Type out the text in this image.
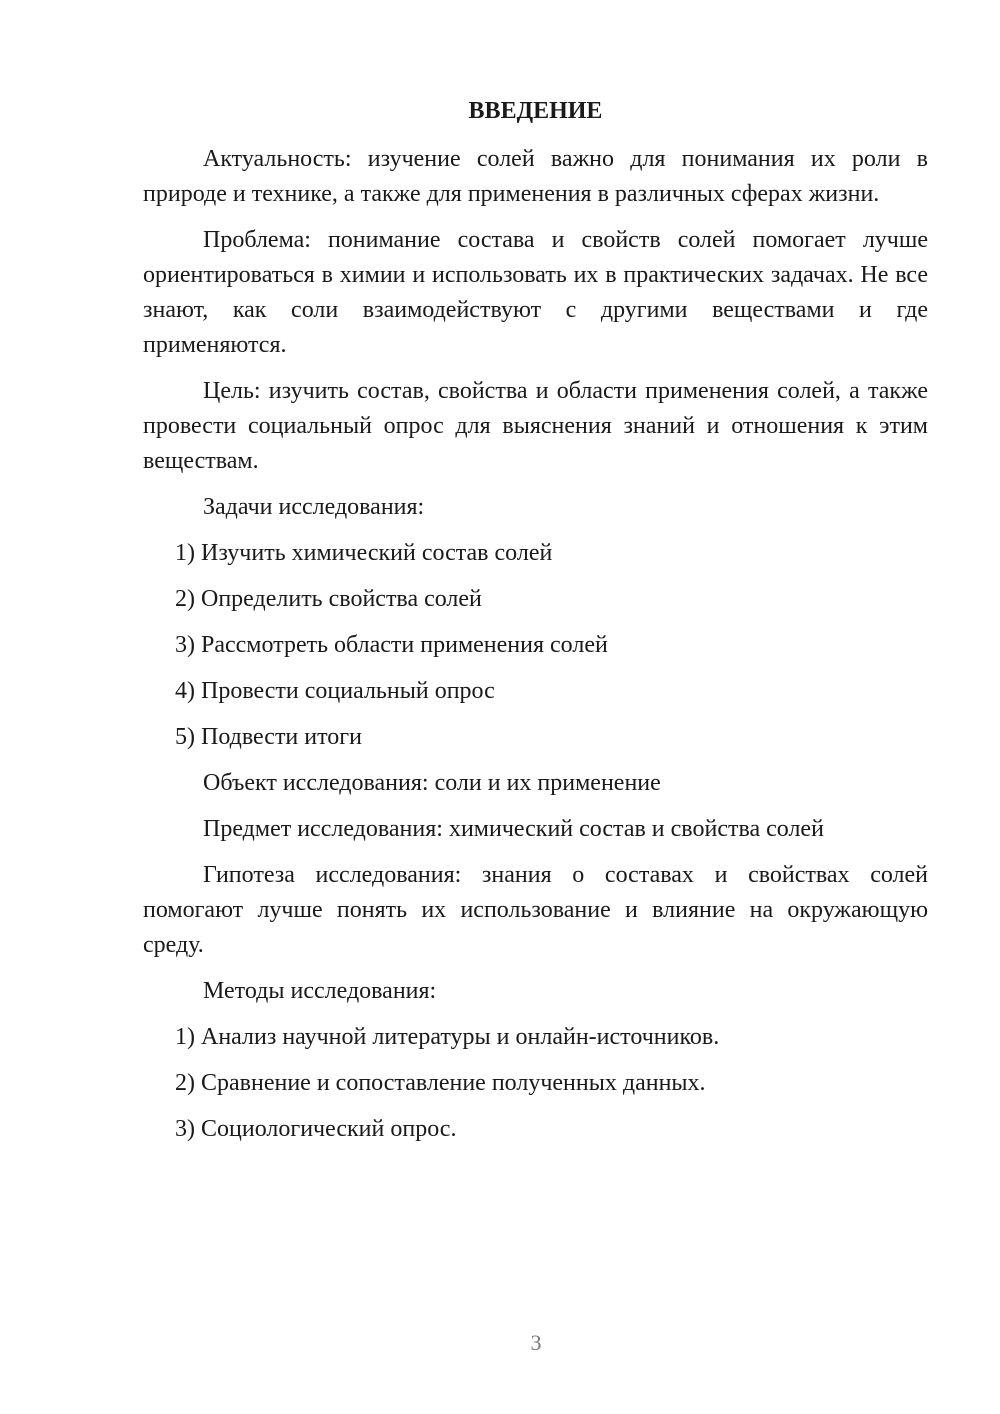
ВВЕДЕНИЕ

Актуальность: изучение солей важно для понимания их роли в природе и технике, а также для применения в различных сферах жизни.

Проблема: понимание состава и свойств солей помогает лучше ориентироваться в химии и использовать их в практических задачах. Не все знают, как соли взаимодействуют с другими веществами и где применяются.

Цель: изучить состав, свойства и области применения солей, а также провести социальный опрос для выяснения знаний и отношения к этим веществам.

Задачи исследования:

1) Изучить химический состав солей

2) Определить свойства солей

3) Рассмотреть области применения солей

4) Провести социальный опрос

5) Подвести итоги

Объект исследования: соли и их применение

Предмет исследования: химический состав и свойства солей

Гипотеза исследования: знания о составах и свойствах солей помогают лучше понять их использование и влияние на окружающую среду.

Методы исследования:

1) Анализ научной литературы и онлайн-источников.

2) Сравнение и сопоставление полученных данных.

3) Социологический опрос.

3
